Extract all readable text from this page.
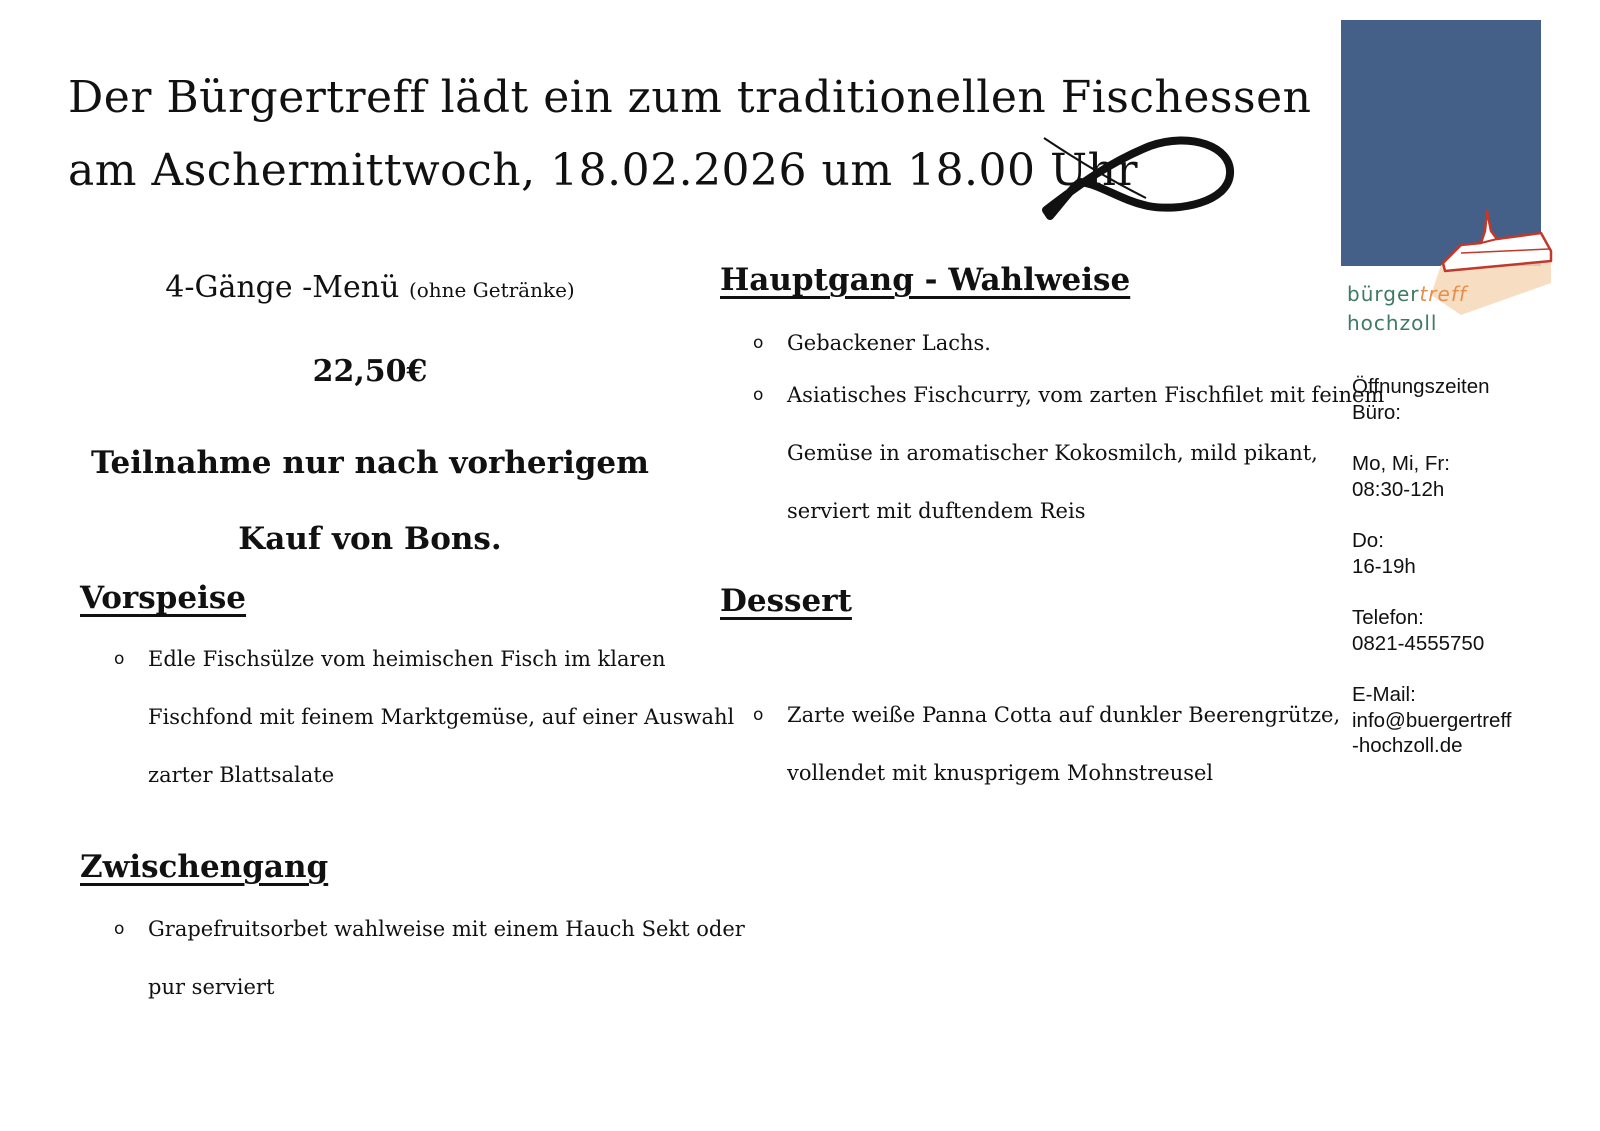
Der Bürgertreff lädt ein zum traditionellen Fischessen
am Aschermittwoch, 18.02.2026 um 18.00 Uhr
bürgertreff
hochzoll

Öffnungszeiten
Büro:

Mo, Mi, Fr:
08:30-12h

Do:
16-19h

Telefon:
0821-4555750

E-Mail:
info@buergertreff
-hochzoll.de

4-Gänge -Menü (ohne Getränke)
22,50€
Teilnahme nur nach vorherigem
Kauf von Bons.
Vorspeise
o Edle Fischsülze vom heimischen Fisch im klaren
Fischfond mit feinem Marktgemüse, auf einer Auswahl
zarter Blattsalate
Zwischengang
o Grapefruitsorbet wahlweise mit einem Hauch Sekt oder
pur serviert
Hauptgang - Wahlweise
o Gebackener Lachs.
o Asiatisches Fischcurry, vom zarten Fischfilet mit feinem
Gemüse in aromatischer Kokosmilch, mild pikant,
serviert mit duftendem Reis
Dessert
o Zarte weiße Panna Cotta auf dunkler Beerengrütze,
vollendet mit knusprigem Mohnstreusel
